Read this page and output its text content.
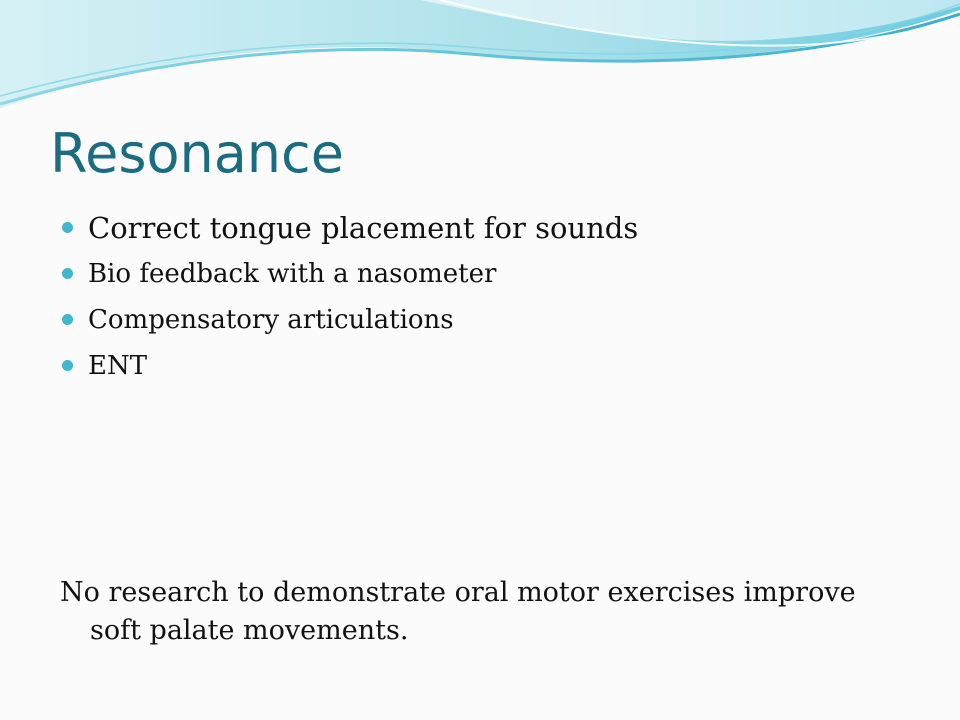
Resonance
Correct tongue placement for sounds
Bio feedback with a nasometer
Compensatory articulations
ENT

No research to demonstrate oral motor exercises improve soft palate movements.
